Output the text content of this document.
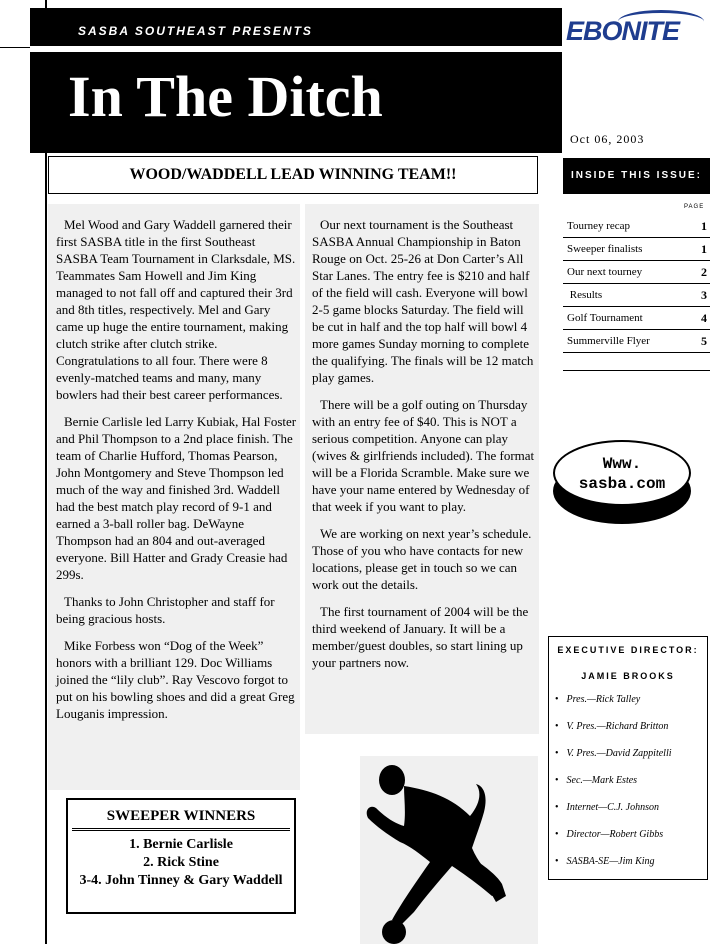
SASBA SOUTHEAST PRESENTS
In The Ditch
EBONITE
Oct 06, 2003
WOOD/WADDELL LEAD WINNING TEAM!!

Mel Wood and Gary Waddell garnered their first SASBA title in the first Southeast SASBA Team Tournament in Clarksdale, MS. Teammates Sam Howell and Jim King managed to not fall off and captured their 3rd and 8th titles, respectively. Mel and Gary came up huge the entire tournament, making clutch strike after clutch strike. Congratulations to all four. There were 8 evenly-matched teams and many, many bowlers had their best career performances.

Bernie Carlisle led Larry Kubiak, Hal Foster and Phil Thompson to a 2nd place finish. The team of Charlie Hufford, Thomas Pearson, John Montgomery and Steve Thompson led much of the way and finished 3rd. Waddell had the best match play record of 9-1 and earned a 3-ball roller bag. DeWayne Thompson had an 804 and out-averaged everyone. Bill Hatter and Grady Creasie had 299s.

Thanks to John Christopher and staff for being gracious hosts.

Mike Forbess won “Dog of the Week” honors with a brilliant 129. Doc Williams joined the “lily club”. Ray Vescovo forgot to put on his bowling shoes and did a great Greg Louganis impression.

Our next tournament is the Southeast SASBA Annual Championship in Baton Rouge on Oct. 25-26 at Don Carter’s All Star Lanes. The entry fee is $210 and half of the field will cash. Everyone will bowl 2-5 game blocks Saturday. The field will be cut in half and the top half will bowl 4 more games Sunday morning to complete the qualifying. The finals will be 12 match play games.

There will be a golf outing on Thursday with an entry fee of $40. This is NOT a serious competition. Anyone can play (wives & girlfriends included). The format will be a Florida Scramble. Make sure we have your name entered by Wednesday of that week if you want to play.

We are working on next year’s schedule. Those of you who have contacts for new locations, please get in touch so we can work out the details.

The first tournament of 2004 will be the third weekend of January. It will be a member/guest doubles, so start lining up your partners now.

INSIDE THIS ISSUE:
PAGE
Tourney recap	1
Sweeper finalists	1
Our next tourney	2
Results	3
Golf Tournament	4
Summerville Flyer	5
Www.
sasba.com
EXECUTIVE DIRECTOR:
JAMIE BROOKS
• Pres.—Rick Talley
• V. Pres.—Richard Britton
• V. Pres.—David Zappitelli
• Sec.—Mark Estes
• Internet—C.J. Johnson
• Director—Robert Gibbs
• SASBA-SE—Jim King
SWEEPER WINNERS
1. Bernie Carlisle
2. Rick Stine
3-4. John Tinney & Gary Waddell
